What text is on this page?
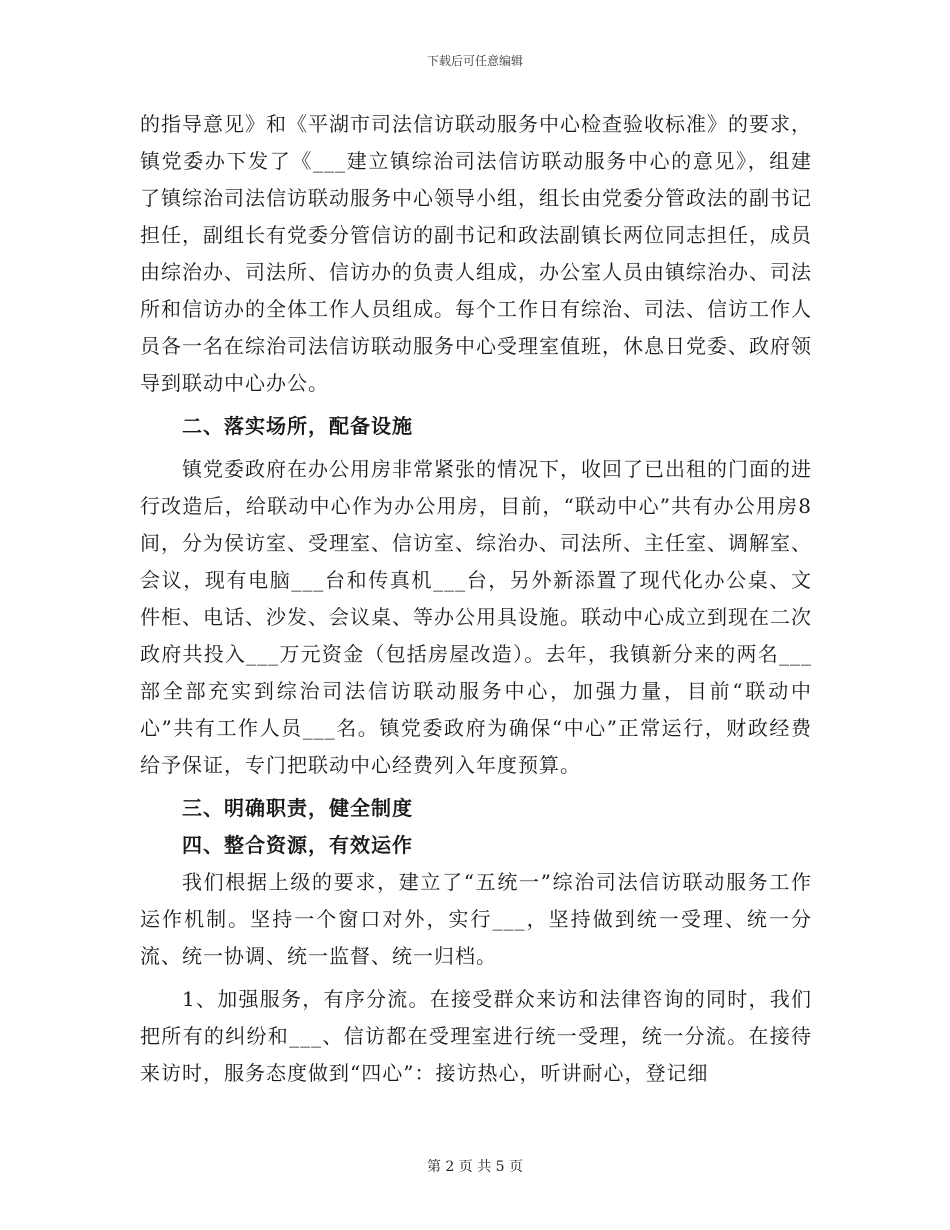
下载后可任意编辑

的指导意见》和《平湖市司法信访联动服务中心检查验收标准》的要求，镇党委办下发了《___建立镇综治司法信访联动服务中心的意见》，组建了镇综治司法信访联动服务中心领导小组，组长由党委分管政法的副书记担任，副组长有党委分管信访的副书记和政法副镇长两位同志担任，成员由综治办、司法所、信访办的负责人组成，办公室人员由镇综治办、司法所和信访办的全体工作人员组成。每个工作日有综治、司法、信访工作人员各一名在综治司法信访联动服务中心受理室值班，休息日党委、政府领导到联动中心办公。

二、落实场所，配备设施

镇党委政府在办公用房非常紧张的情况下，收回了已出租的门面的进行改造后，给联动中心作为办公用房，目前，“联动中心”共有办公用房8间，分为侯访室、受理室、信访室、综治办、司法所、主任室、调解室、会议，现有电脑___台和传真机___台，另外新添置了现代化办公桌、文件柜、电话、沙发、会议桌、等办公用具设施。联动中心成立到现在二次政府共投入___万元资金（包括房屋改造）。去年，我镇新分来的两名___部全部充实到综治司法信访联动服务中心，加强力量，目前“联动中心”共有工作人员___名。镇党委政府为确保“中心”正常运行，财政经费给予保证，专门把联动中心经费列入年度预算。

三、明确职责，健全制度

四、整合资源，有效运作

我们根据上级的要求，建立了“五统一”综治司法信访联动服务工作运作机制。坚持一个窗口对外，实行___，坚持做到统一受理、统一分流、统一协调、统一监督、统一归档。

1、加强服务，有序分流。在接受群众来访和法律咨询的同时，我们把所有的纠纷和___、信访都在受理室进行统一受理，统一分流。在接待来访时，服务态度做到“四心”：接访热心，听讲耐心，登记细

第 2 页 共 5 页
